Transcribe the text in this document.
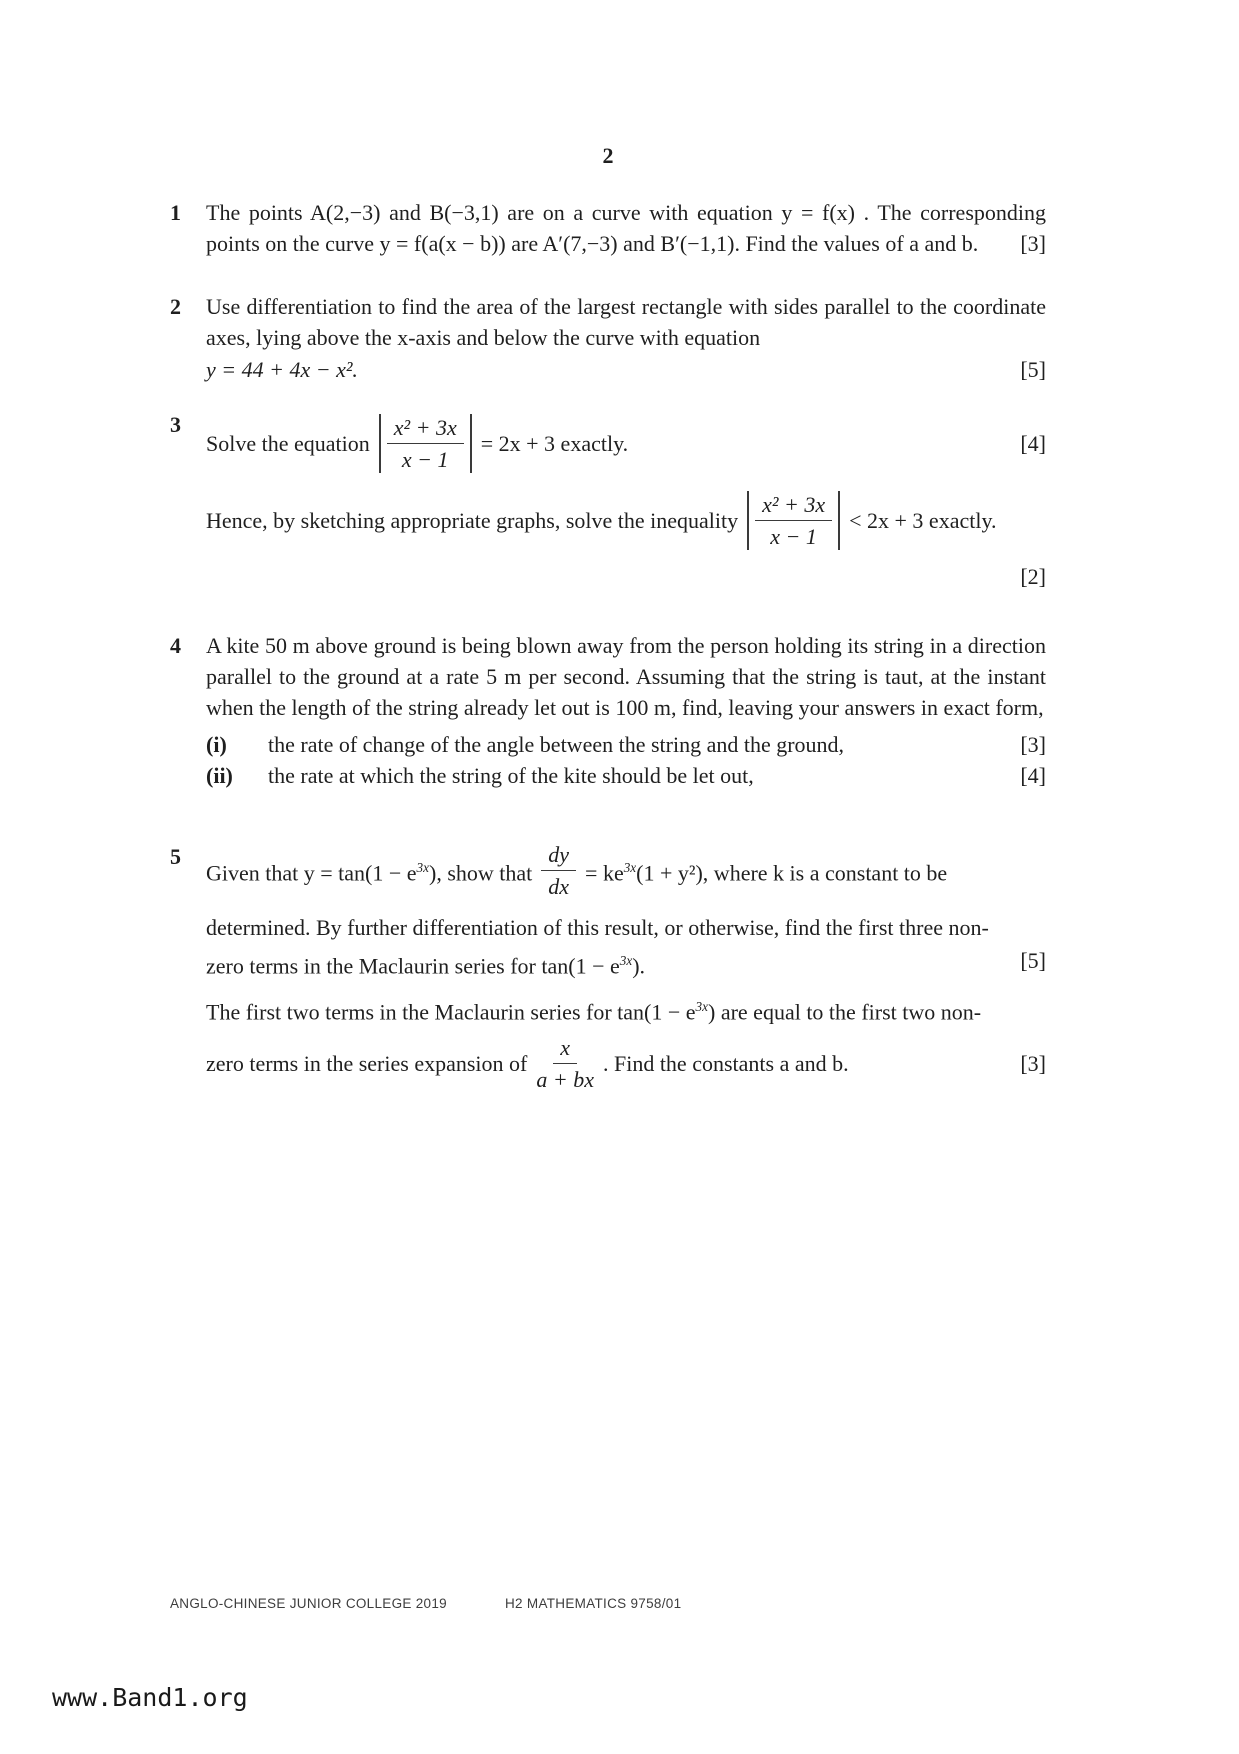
2
1	The points A(2,−3) and B(−3,1) are on a curve with equation y = f(x) . The corresponding points on the curve y = f(a(x − b)) are A′(7,−3) and B′(−1,1). Find the values of a and b.	[3]
2	Use differentiation to find the area of the largest rectangle with sides parallel to the coordinate axes, lying above the x-axis and below the curve with equation
y = 44 + 4x − x².	[5]
3
Solve the equation $\frac{\text{x² + 3x}}{x - 1} = 2x + 3$ exactly.	[4]
Hence, by sketching appropriate graphs, solve the inequality $\frac{\text{x² + 3x}}{x - 1} < 2x + 3$ exactly.
[2]
4	A kite 50 m above ground is being blown away from the person holding its string in a direction parallel to the ground at a rate 5 m per second. Assuming that the string is taut, at the instant when the length of the string already let out is 100 m, find, leaving your answers in exact form,
(i)	the rate of change of the angle between the string and the ground,	[3]
(ii)	the rate at which the string of the kite should be let out,	[4]
5
Given that $y = \tan(1 - e^{3x})$, show that $\frac{dy}{dx} = ke^{3x}(1 + y^2)$, where k is a constant to be
determined. By further differentiation of this result, or otherwise, find the first three non-
[5]
zero terms in the Maclaurin series for $\tan(1 - e^{3x})$.
The first two terms in the Maclaurin series for $\tan(1 - e^{3x})$ are equal to the first two non-
zero terms in the series expansion of $\frac{x}{a + bx}$ . Find the constants a and b.	[3]
ANGLO-CHINESE JUNIOR COLLEGE 2019	H2 MATHEMATICS 9758/01
www.Band1.org
